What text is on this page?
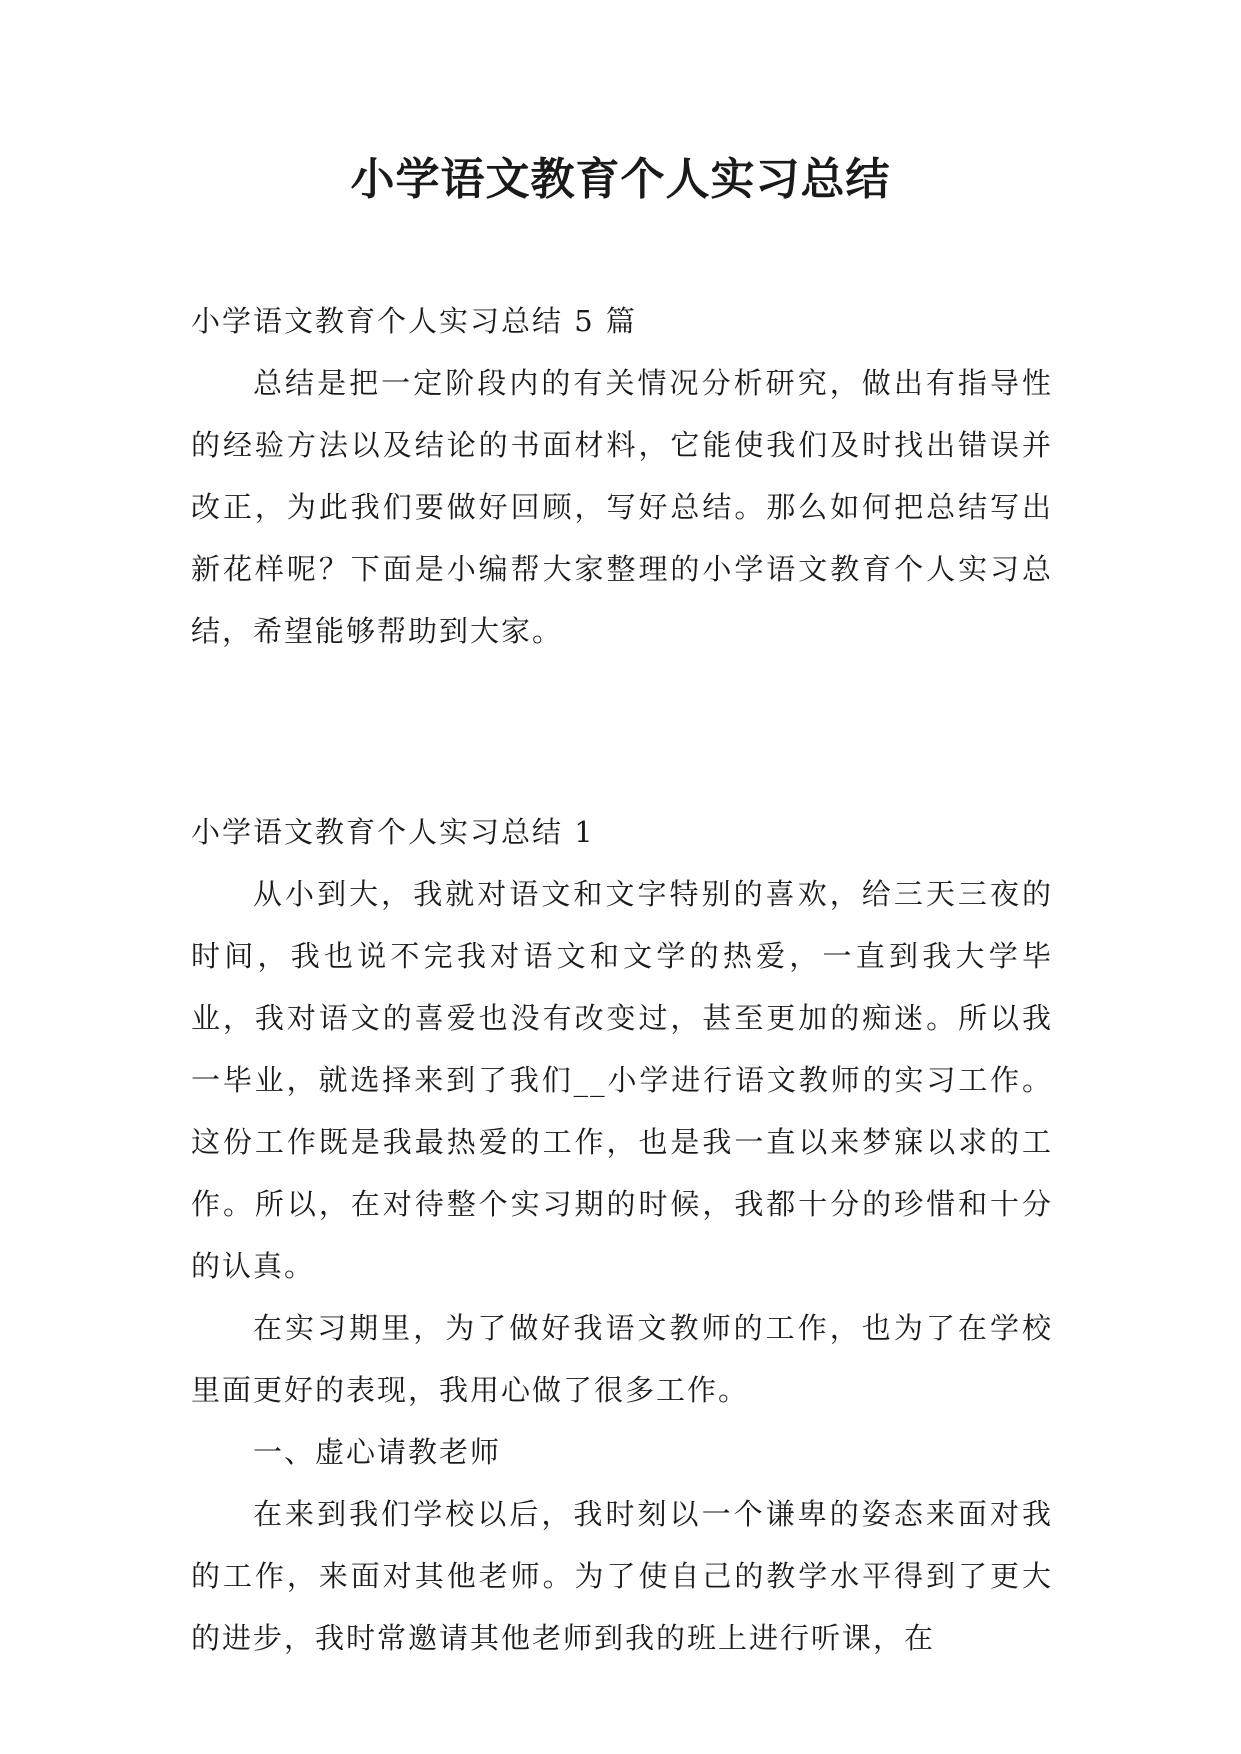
小学语文教育个人实习总结

小学语文教育个人实习总结 5 篇

总结是把一定阶段内的有关情况分析研究，做出有指导性的经验方法以及结论的书面材料，它能使我们及时找出错误并改正，为此我们要做好回顾，写好总结。那么如何把总结写出新花样呢？下面是小编帮大家整理的小学语文教育个人实习总结，希望能够帮助到大家。

小学语文教育个人实习总结 1

从小到大，我就对语文和文字特别的喜欢，给三天三夜的时间，我也说不完我对语文和文学的热爱，一直到我大学毕业，我对语文的喜爱也没有改变过，甚至更加的痴迷。所以我一毕业，就选择来到了我们__小学进行语文教师的实习工作。这份工作既是我最热爱的工作，也是我一直以来梦寐以求的工作。所以，在对待整个实习期的时候，我都十分的珍惜和十分的认真。

在实习期里，为了做好我语文教师的工作，也为了在学校里面更好的表现，我用心做了很多工作。

一、虚心请教老师

在来到我们学校以后，我时刻以一个谦卑的姿态来面对我的工作，来面对其他老师。为了使自己的教学水平得到了更大的进步，我时常邀请其他老师到我的班上进行听课，在
